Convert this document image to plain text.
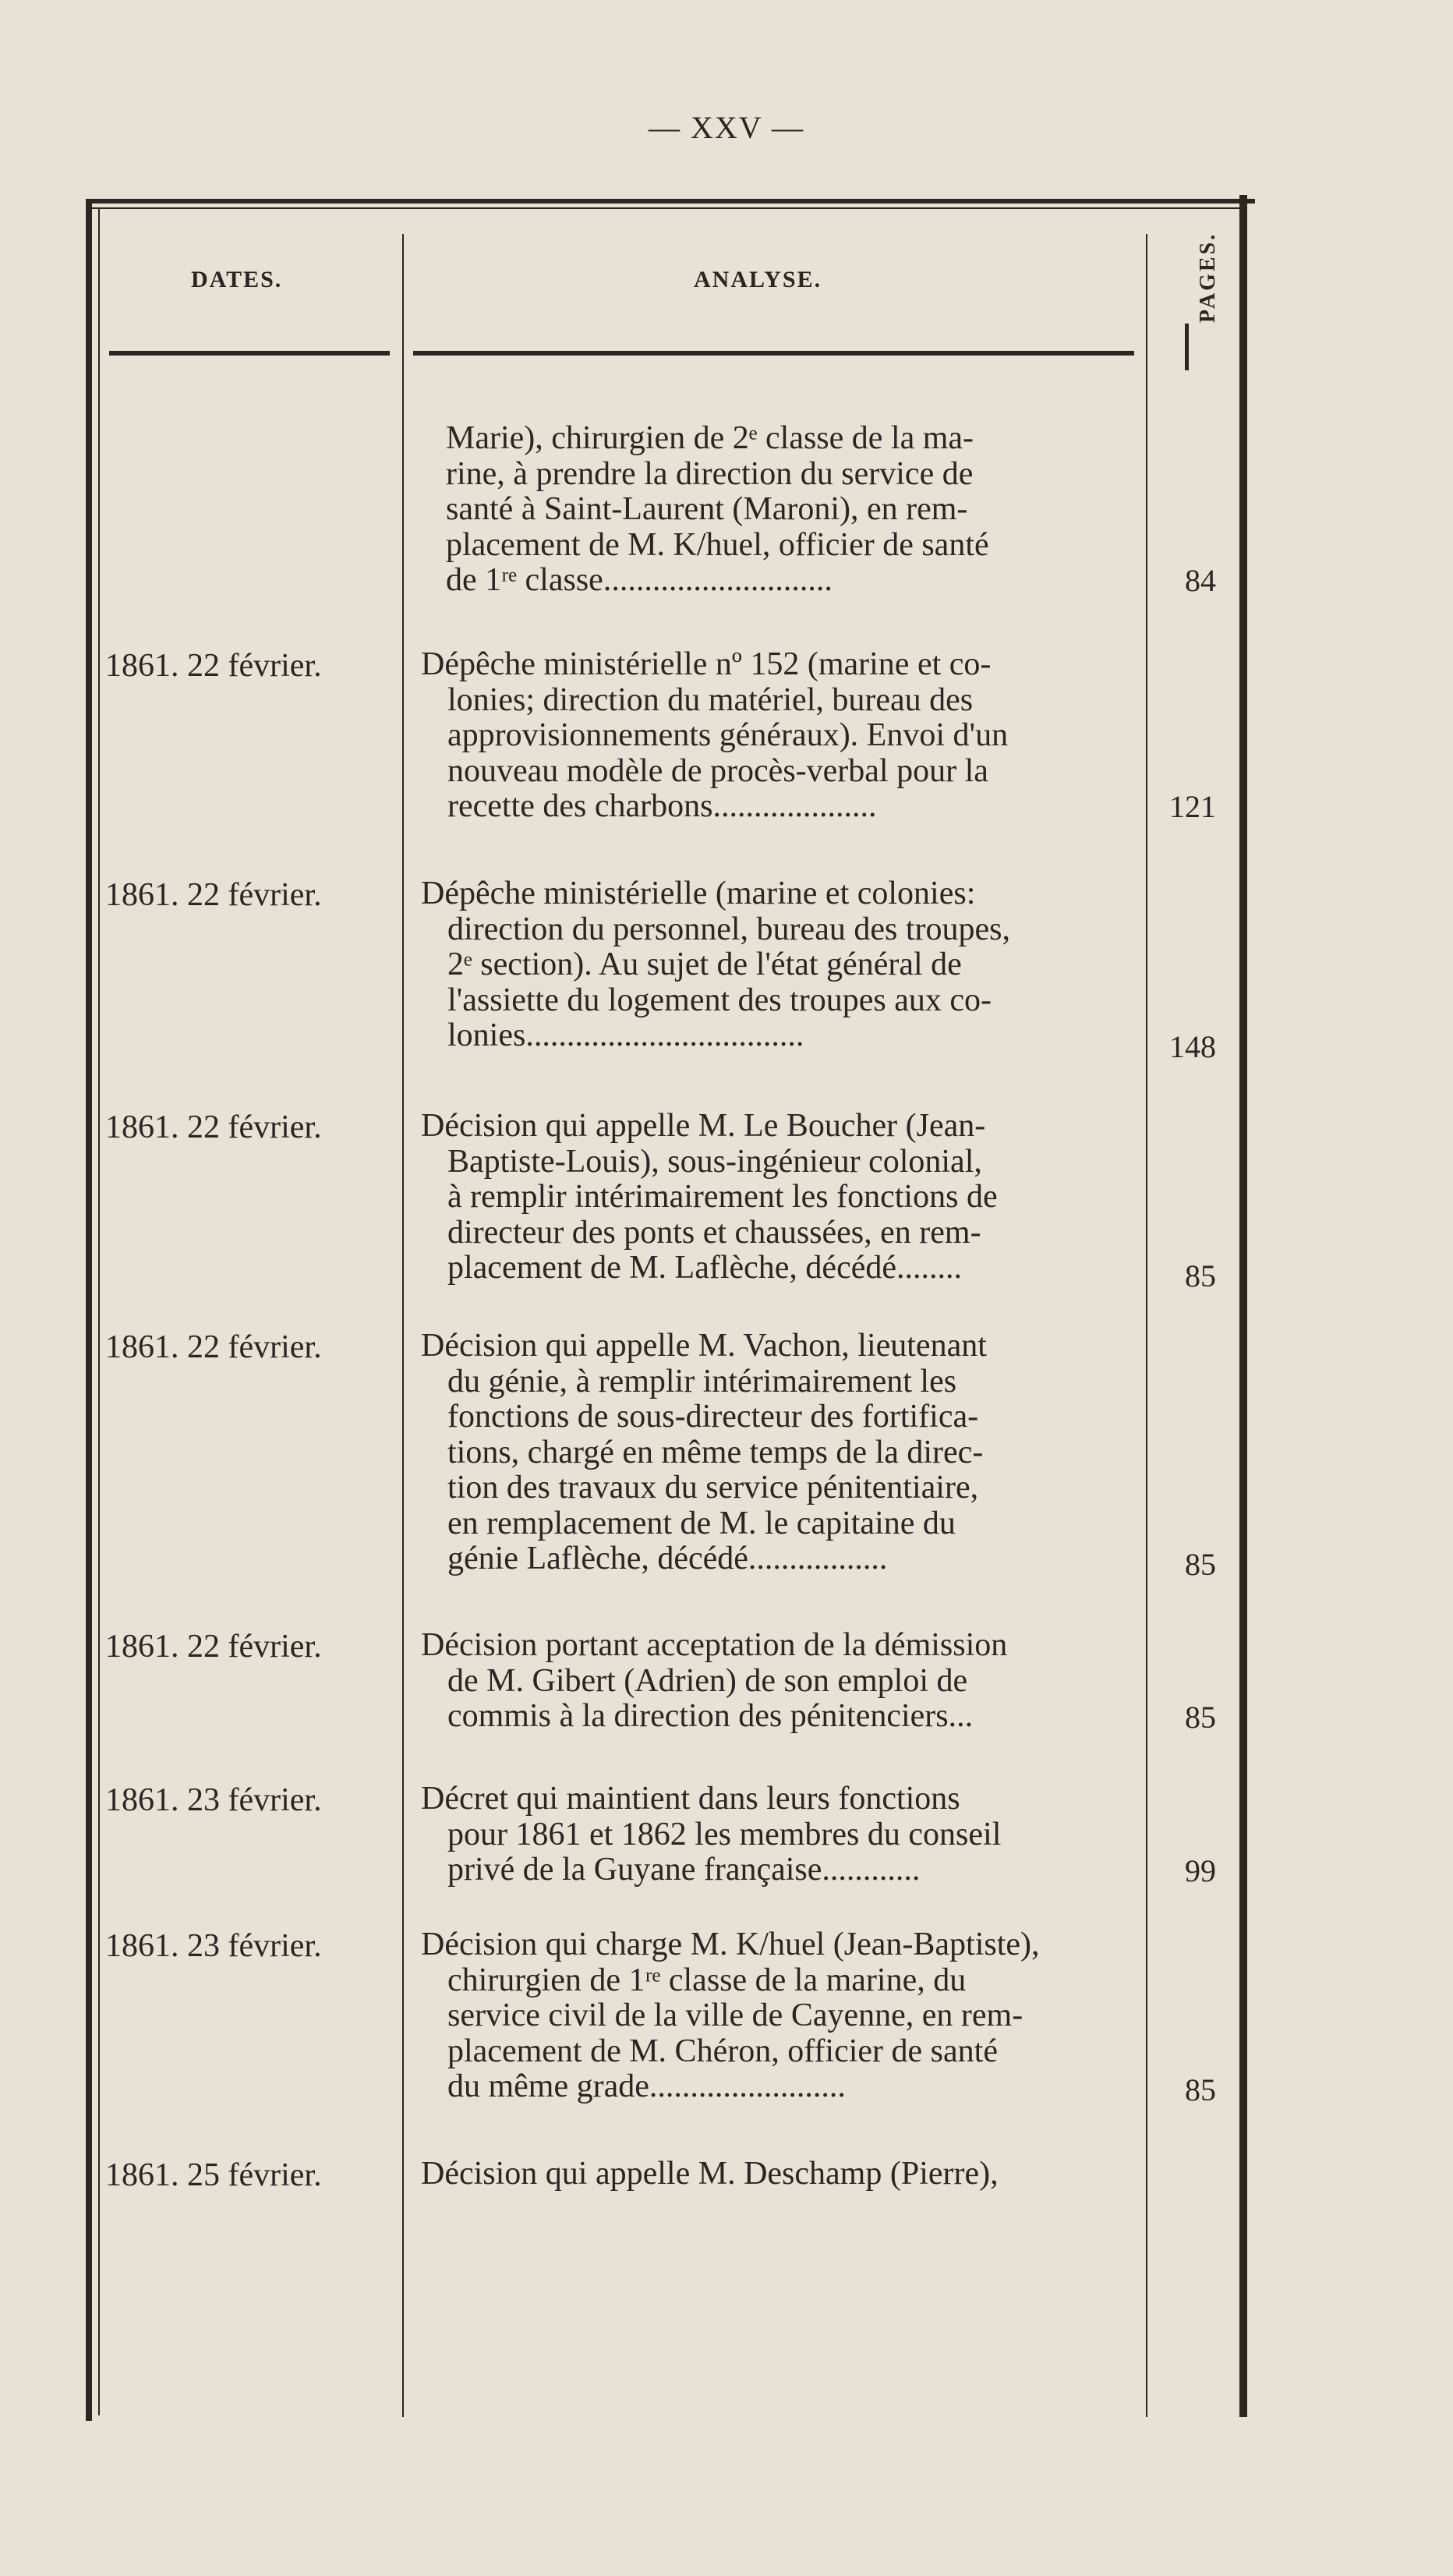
— XXV —
DATES.	ANALYSE.	PAGES.
Marie), chirurgien de 2ᵉ classe de la ma-
rine, à prendre la direction du service de
santé à Saint-Laurent (Maroni), en rem-
placement de M. K/huel, officier de santé
de 1ʳᵉ classe............................	84
1861. 22 février.	Dépêche ministérielle nº 152 (marine et co-
lonies; direction du matériel, bureau des
approvisionnements généraux). Envoi d'un
nouveau modèle de procès-verbal pour la
recette des charbons....................	121
1861. 22 février.	Dépêche ministérielle (marine et colonies:
direction du personnel, bureau des troupes,
2ᵉ section). Au sujet de l'état général de
l'assiette du logement des troupes aux co-
lonies..................................	148
1861. 22 février.	Décision qui appelle M. Le Boucher (Jean-
Baptiste-Louis), sous-ingénieur colonial,
à remplir intérimairement les fonctions de
directeur des ponts et chaussées, en rem-
placement de M. Laflèche, décédé........	85
1861. 22 février.	Décision qui appelle M. Vachon, lieutenant
du génie, à remplir intérimairement les
fonctions de sous-directeur des fortifica-
tions, chargé en même temps de la direc-
tion des travaux du service pénitentiaire,
en remplacement de M. le capitaine du
génie Laflèche, décédé.................	85
1861. 22 février.	Décision portant acceptation de la démission
de M. Gibert (Adrien) de son emploi de
commis à la direction des pénitenciers...	85
1861. 23 février.	Décret qui maintient dans leurs fonctions
pour 1861 et 1862 les membres du conseil
privé de la Guyane française............	99
1861. 23 février.	Décision qui charge M. K/huel (Jean-Baptiste),
chirurgien de 1ʳᵉ classe de la marine, du
service civil de la ville de Cayenne, en rem-
placement de M. Chéron, officier de santé
du même grade........................	85
1861. 25 février.	Décision qui appelle M. Deschamp (Pierre),
